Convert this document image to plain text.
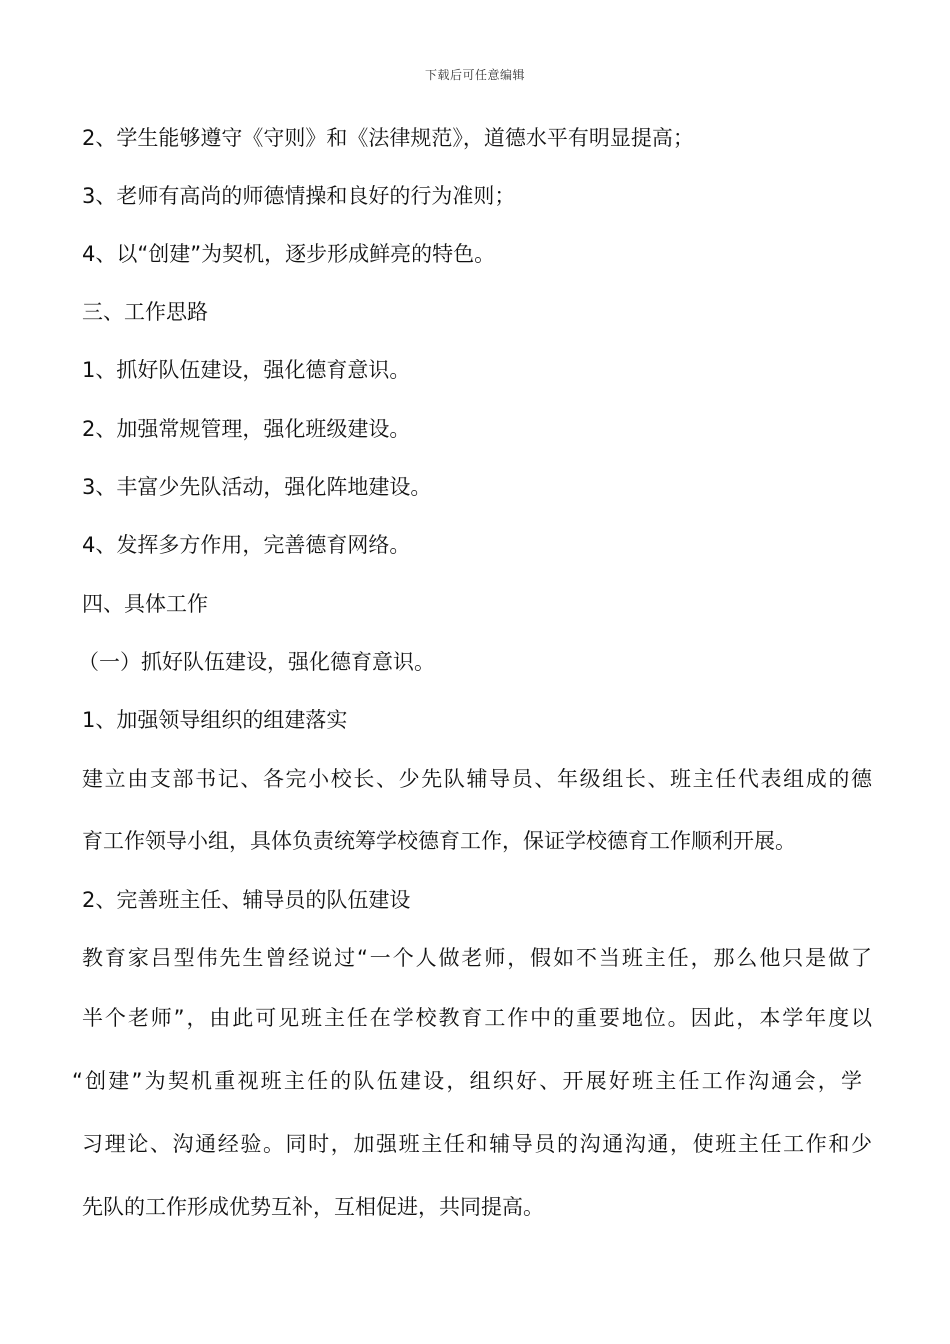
下载后可任意编辑
2、学生能够遵守《守则》和《法律规范》，道德水平有明显提高；
3、老师有高尚的师德情操和良好的行为准则；
4、以“创建”为契机，逐步形成鲜亮的特色。
三、工作思路
1、抓好队伍建设，强化德育意识。
2、加强常规管理，强化班级建设。
3、丰富少先队活动，强化阵地建设。
4、发挥多方作用，完善德育网络。
四、具体工作
（一）抓好队伍建设，强化德育意识。
1、加强领导组织的组建落实
建立由支部书记、各完小校长、少先队辅导员、年级组长、班主任代表组成的德
育工作领导小组，具体负责统筹学校德育工作，保证学校德育工作顺利开展。
2、完善班主任、辅导员的队伍建设
教育家吕型伟先生曾经说过“一个人做老师，假如不当班主任，那么他只是做了
半个老师”，由此可见班主任在学校教育工作中的重要地位。因此，本学年度以
“创建”为契机重视班主任的队伍建设，组织好、开展好班主任工作沟通会，学
习理论、沟通经验。同时，加强班主任和辅导员的沟通沟通，使班主任工作和少
先队的工作形成优势互补，互相促进，共同提高。
